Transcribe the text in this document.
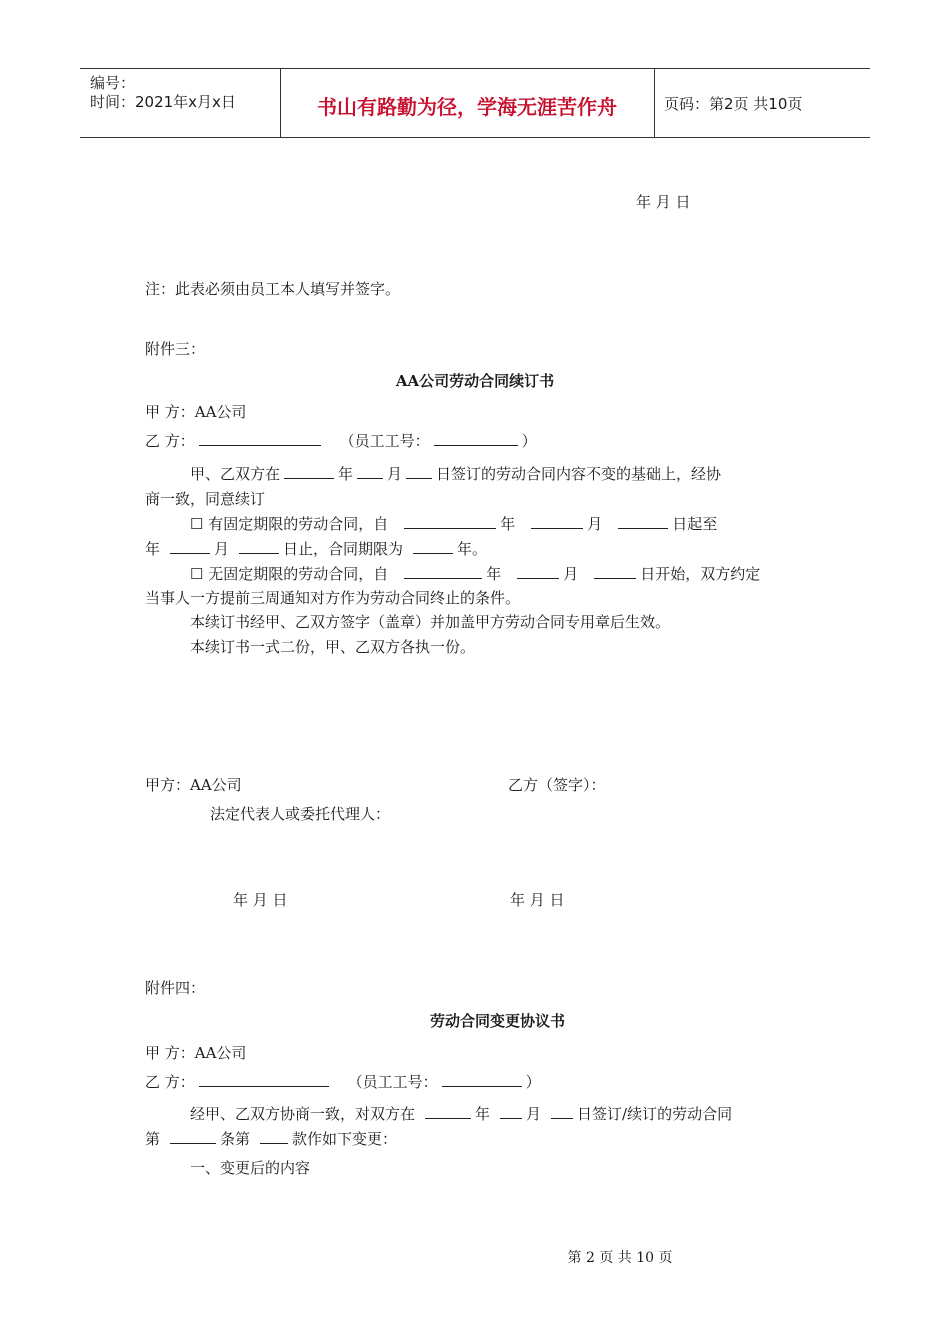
编号：
时间：2021年x月x日	书山有路勤为径，学海无涯苦作舟	页码：第2页 共10页
年 月 日
注：此表必须由员工本人填写并签字。
附件三：
AA公司劳动合同续订书
甲 方：AA公司
乙 方：	（员工工号：	）
甲、乙双方在	年 月 日签订的劳动合同内容不变的基础上，经协
商一致，同意续订
☐ 有固定期限的劳动合同，自	年	月	日起至
年	月	日止，合同期限为	年。
☐ 无固定期限的劳动合同，自	年	月	日开始，双方约定
当事人一方提前三周通知对方作为劳动合同终止的条件。
本续订书经甲、乙双方签字（盖章）并加盖甲方劳动合同专用章后生效。
本续订书一式二份，甲、乙双方各执一份。
甲方：AA公司	乙方（签字）：
法定代表人或委托代理人：
年 月 日	年 月 日
附件四：
劳动合同变更协议书
甲 方：AA公司
乙 方：	（员工工号：	）
经甲、乙双方协商一致，对双方在	年 月 日签订/续订的劳动合同
第	条第	款作如下变更：
一、变更后的内容
第 2 页 共 10 页
